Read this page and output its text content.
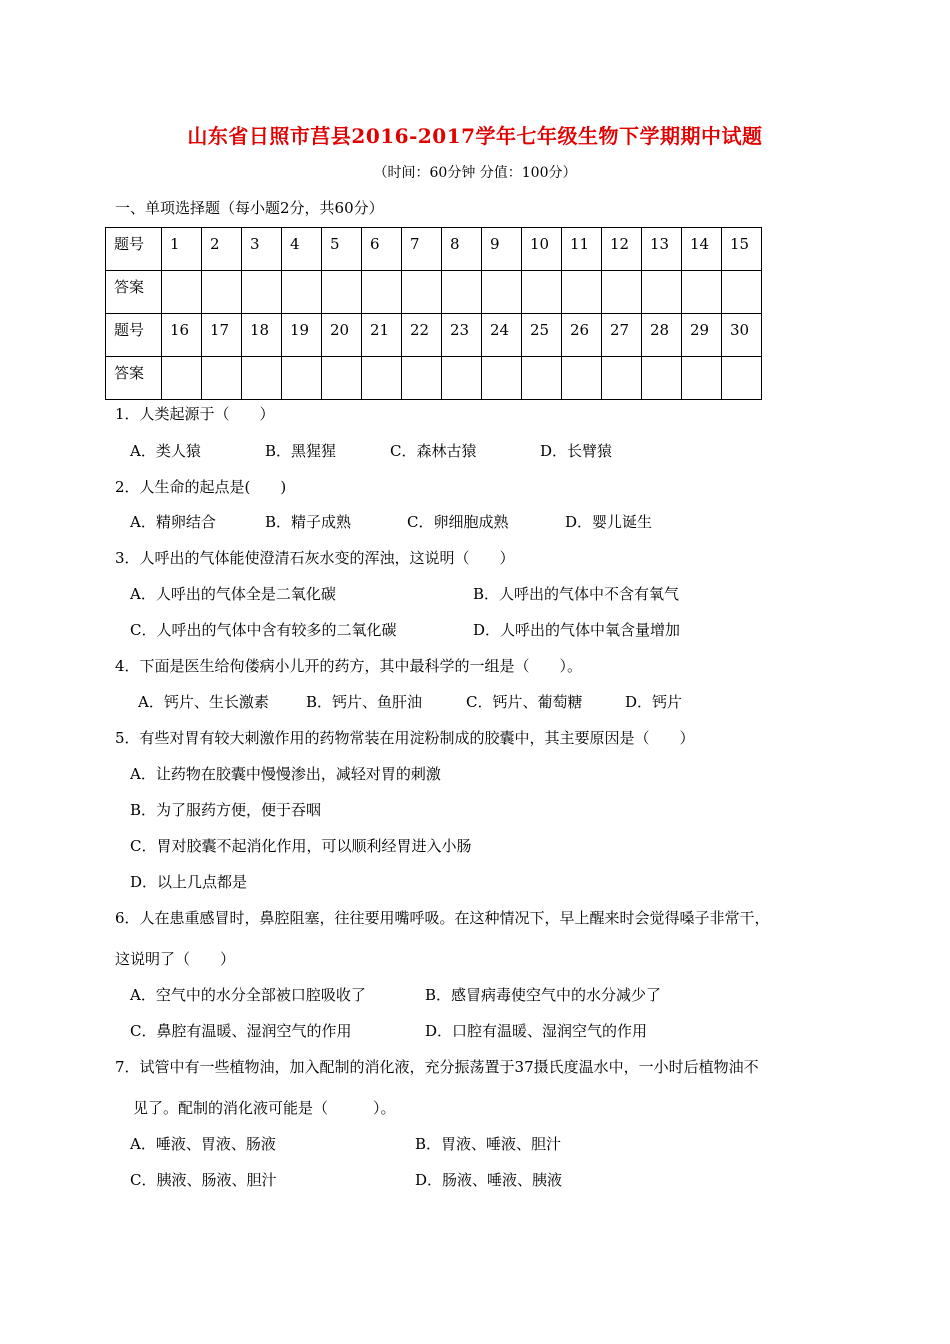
山东省日照市莒县2016-2017学年七年级生物下学期期中试题
（时间：60分钟 分值：100分）
一、单项选择题（每小题2分，共60分）
题号	1	2	3	4	5	6	7	8	9	10	11	12	13	14	15
答案															
题号	16	17	18	19	20	21	22	23	24	25	26	27	28	29	30
答案															
1．人类起源于（　　）
A．类人猿	B．黑猩猩	C．森林古猿	D．长臂猿
2．人生命的起点是(　　)
A．精卵结合	B．精子成熟	C．卵细胞成熟	D．婴儿诞生
3．人呼出的气体能使澄清石灰水变的浑浊，这说明（　　）
A．人呼出的气体全是二氧化碳	B．人呼出的气体中不含有氧气
C．人呼出的气体中含有较多的二氧化碳	D．人呼出的气体中氧含量增加
4．下面是医生给佝偻病小儿开的药方，其中最科学的一组是（　　）。
A．钙片、生长激素 B．钙片、鱼肝油	C．钙片、葡萄糖	D．钙片
5．有些对胃有较大刺激作用的药物常装在用淀粉制成的胶囊中，其主要原因是（　　）
A．让药物在胶囊中慢慢渗出，减轻对胃的刺激
B．为了服药方便，便于吞咽
C．胃对胶囊不起消化作用，可以顺利经胃进入小肠
D．以上几点都是
6．人在患重感冒时，鼻腔阻塞，往往要用嘴呼吸。在这种情况下，早上醒来时会觉得嗓子非常干，
这说明了（　　）
A．空气中的水分全部被口腔吸收了	B．感冒病毒使空气中的水分减少了
C．鼻腔有温暖、湿润空气的作用	D．口腔有温暖、湿润空气的作用
7．试管中有一些植物油，加入配制的消化液，充分振荡置于37摄氏度温水中，一小时后植物油不
见了。配制的消化液可能是（　　　）。
A．唾液、胃液、肠液	B．胃液、唾液、胆汁
C．胰液、肠液、胆汁	D．肠液、唾液、胰液
